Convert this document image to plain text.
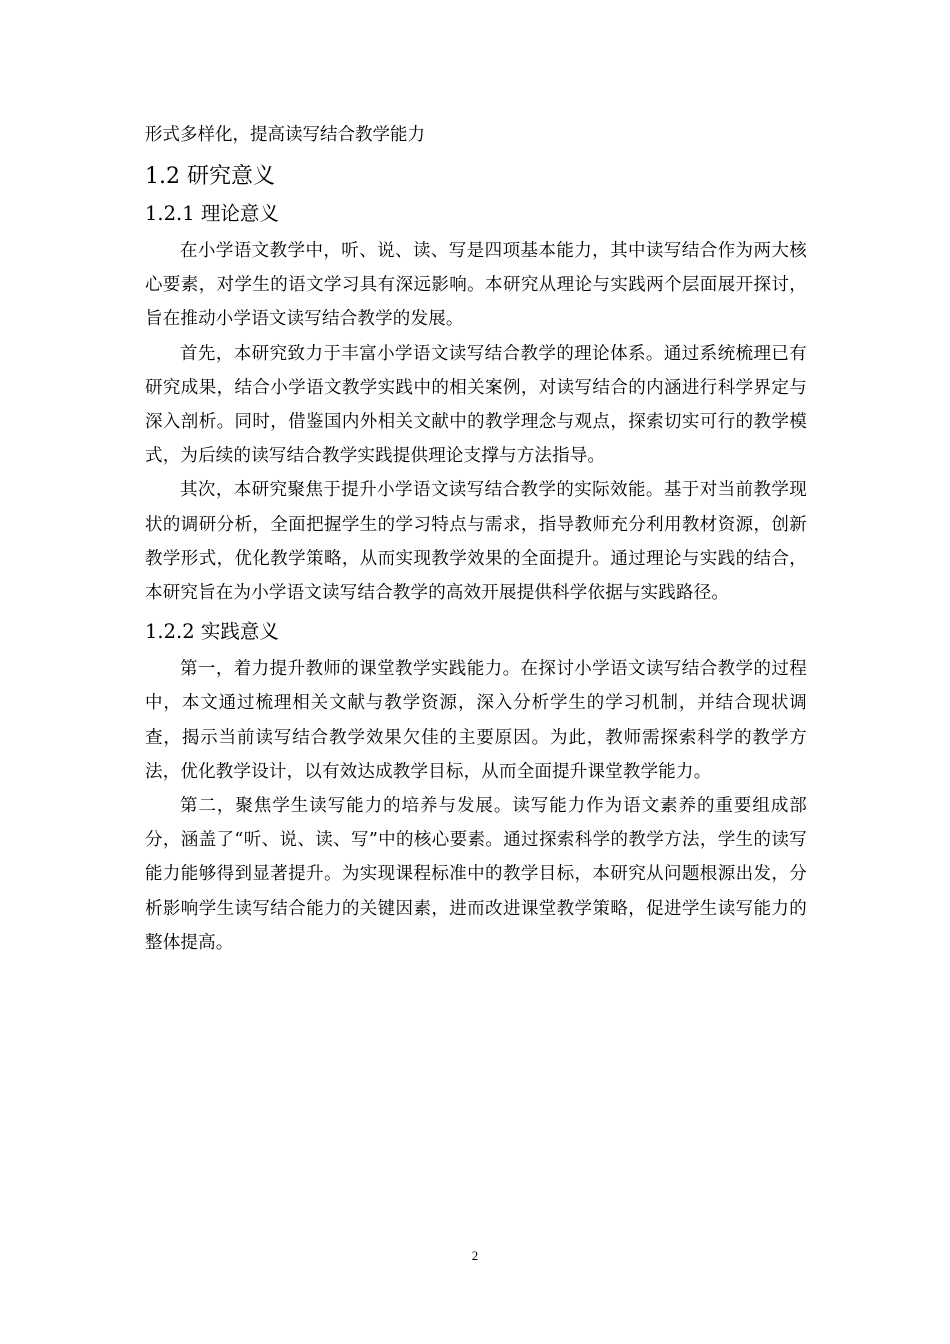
形式多样化，提高读写结合教学能力

1.2 研究意义
1.2.1 理论意义

在小学语文教学中，听、说、读、写是四项基本能力，其中读写结合作为两大核心要素，对学生的语文学习具有深远影响。本研究从理论与实践两个层面展开探讨，旨在推动小学语文读写结合教学的发展。

首先，本研究致力于丰富小学语文读写结合教学的理论体系。通过系统梳理已有研究成果，结合小学语文教学实践中的相关案例，对读写结合的内涵进行科学界定与深入剖析。同时，借鉴国内外相关文献中的教学理念与观点，探索切实可行的教学模式，为后续的读写结合教学实践提供理论支撑与方法指导。

其次，本研究聚焦于提升小学语文读写结合教学的实际效能。基于对当前教学现状的调研分析，全面把握学生的学习特点与需求，指导教师充分利用教材资源，创新教学形式，优化教学策略，从而实现教学效果的全面提升。通过理论与实践的结合，本研究旨在为小学语文读写结合教学的高效开展提供科学依据与实践路径。

1.2.2 实践意义

第一，着力提升教师的课堂教学实践能力。在探讨小学语文读写结合教学的过程中，本文通过梳理相关文献与教学资源，深入分析学生的学习机制，并结合现状调查，揭示当前读写结合教学效果欠佳的主要原因。为此，教师需探索科学的教学方法，优化教学设计，以有效达成教学目标，从而全面提升课堂教学能力。

第二，聚焦学生读写能力的培养与发展。读写能力作为语文素养的重要组成部分，涵盖了“听、说、读、写”中的核心要素。通过探索科学的教学方法，学生的读写能力能够得到显著提升。为实现课程标准中的教学目标，本研究从问题根源出发，分析影响学生读写结合能力的关键因素，进而改进课堂教学策略，促进学生读写能力的整体提高。

2
